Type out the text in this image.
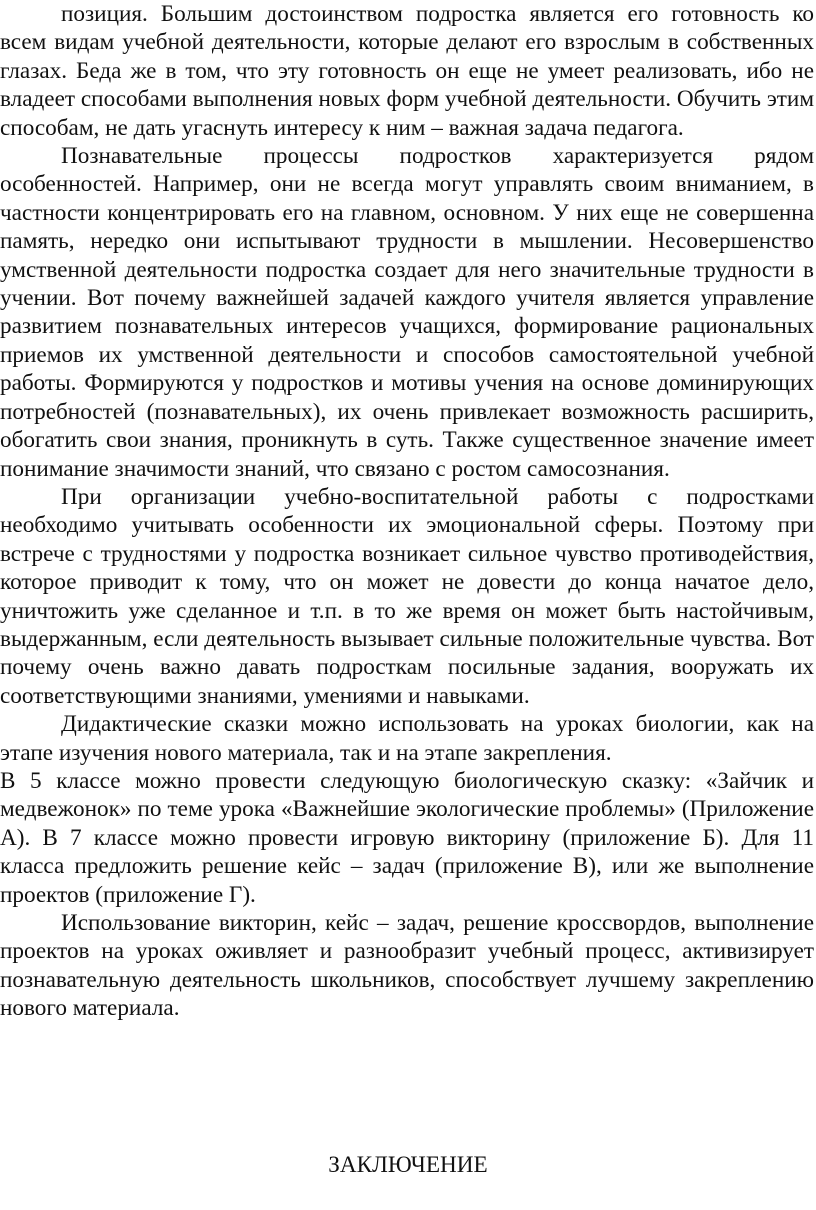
позиция. Большим достоинством подростка является его готовность ко всем видам учебной деятельности, которые делают его взрослым в собственных глазах. Беда же в том, что эту готовность он еще не умеет реализовать, ибо не владеет способами выполнения новых форм учебной деятельности. Обучить этим способам, не дать угаснуть интересу к ним – важная задача педагога.

Познавательные процессы подростков характеризуется рядом особенностей. Например, они не всегда могут управлять своим вниманием, в частности концентрировать его на главном, основном. У них еще не совершенна память, нередко они испытывают трудности в мышлении. Несовершенство умственной деятельности подростка создает для него значительные трудности в учении. Вот почему важнейшей задачей каждого учителя является управление развитием познавательных интересов учащихся, формирование рациональных приемов их умственной деятельности и способов самостоятельной учебной работы. Формируются у подростков и мотивы учения на основе доминирующих потребностей (познавательных), их очень привлекает возможность расширить, обогатить свои знания, проникнуть в суть. Также существенное значение имеет понимание значимости знаний, что связано с ростом самосознания.

При организации учебно-воспитательной работы с подростками необходимо учитывать особенности их эмоциональной сферы. Поэтому при встрече с трудностями у подростка возникает сильное чувство противодействия, которое приводит к тому, что он может не довести до конца начатое дело, уничтожить уже сделанное и т.п. в то же время он может быть настойчивым, выдержанным, если деятельность вызывает сильные положительные чувства. Вот почему очень важно давать подросткам посильные задания, вооружать их соответствующими знаниями, умениями и навыками.

Дидактические сказки можно использовать на уроках биологии, как на этапе изучения нового материала, так и на этапе закрепления.

В 5 классе можно провести следующую биологическую сказку: «Зайчик и медвежонок» по теме урока «Важнейшие экологические проблемы» (Приложение А). В 7 классе можно провести игровую викторину (приложение Б). Для 11 класса предложить решение кейс – задач (приложение В), или же выполнение проектов (приложение Г).

Использование викторин, кейс – задач, решение кроссвордов, выполнение проектов на уроках оживляет и разнообразит учебный процесс, активизирует познавательную деятельность школьников, способствует лучшему закреплению нового материала.

ЗАКЛЮЧЕНИЕ
